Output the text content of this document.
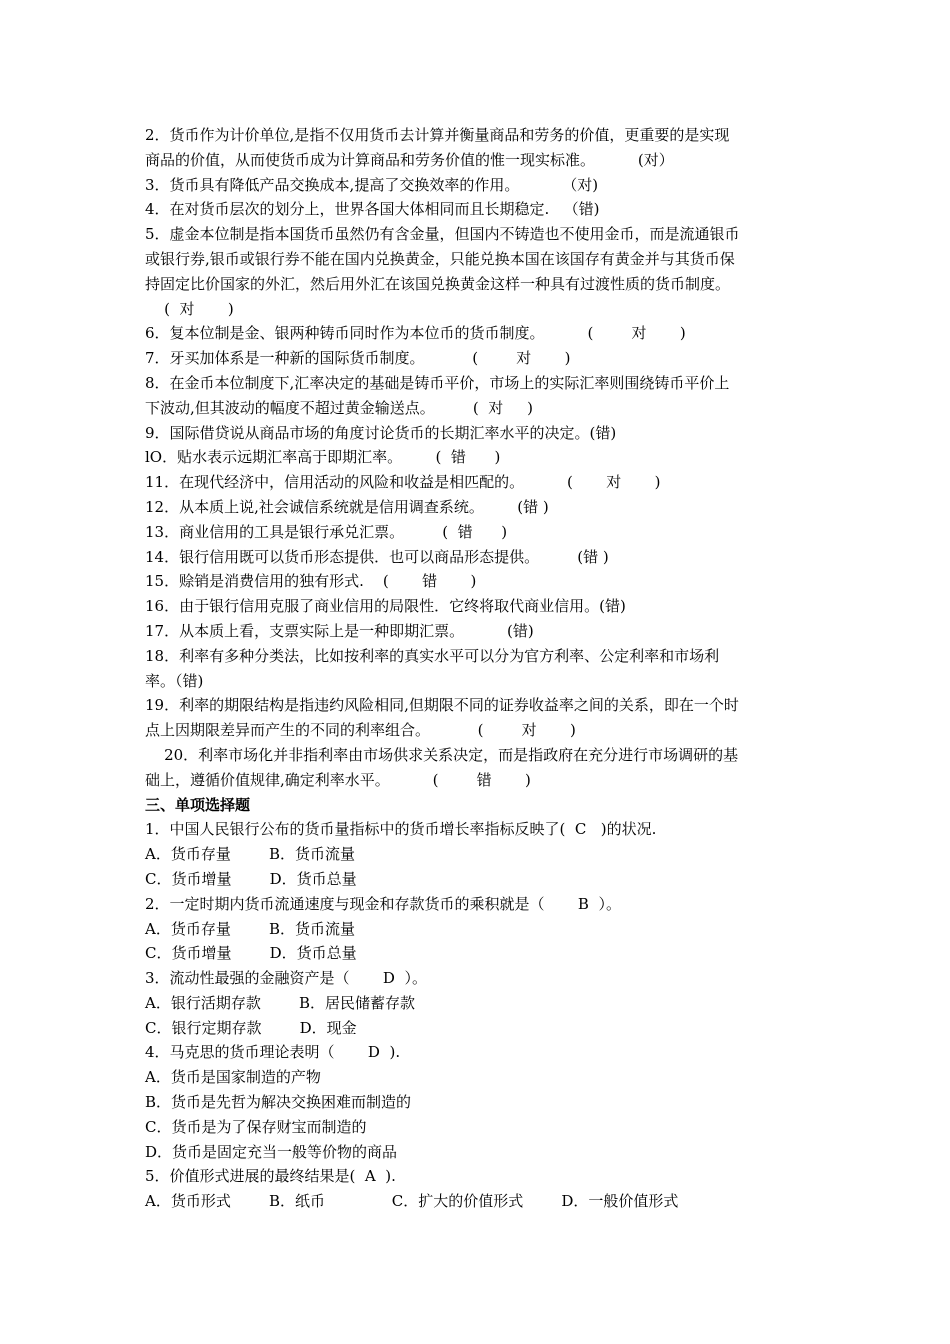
2．货币作为计价单位,是指不仅用货币去计算并衡量商品和劳务的价值，更重要的是实现
商品的价值，从而使货币成为计算商品和劳务价值的惟一现实标准。         (对）
3．货币具有降低产品交换成本,提高了交换效率的作用。         （对)
4．在对货币层次的划分上，世界各国大体相同而且长期稳定.   （错)
5．虚金本位制是指本国货币虽然仍有含金量，但国内不铸造也不使用金币，而是流通银币
或银行券,银币或银行券不能在国内兑换黄金，只能兑换本国在该国存有黄金并与其货币保
持固定比价国家的外汇，然后用外汇在该国兑换黄金这样一种具有过渡性质的货币制度。
(  对       )
6．复本位制是金、银两种铸币同时作为本位币的货币制度。         (        对       )
7．牙买加体系是一种新的国际货币制度。          (        对       )
8．在金币本位制度下,汇率决定的基础是铸币平价，市场上的实际汇率则围绕铸币平价上
下波动,但其波动的幅度不超过黄金输送点。        (  对     )
9．国际借贷说从商品市场的角度讨论货币的长期汇率水平的决定。(错)
lO．贴水表示远期汇率高于即期汇率。       (  错      )
11．在现代经济中，信用活动的风险和收益是相匹配的。         (       对       )
12．从本质上说,社会诚信系统就是信用调查系统。       (错 )
13．商业信用的工具是银行承兑汇票。        (  错      )
14．银行信用既可以货币形态提供．也可以商品形态提供。        (错 )
15．赊销是消费信用的独有形式.    (       错       )
16．由于银行信用克服了商业信用的局限性．它终将取代商业信用。(错)
17．从本质上看，支票实际上是一种即期汇票。         (错)
18．利率有多种分类法，比如按利率的真实水平可以分为官方利率、公定利率和市场利
率。（错)
19．利率的期限结构是指违约风险相同,但期限不同的证券收益率之间的关系，即在一个时
点上因期限差异而产生的不同的利率组合。          (        对       )
20．利率市场化并非指利率由市场供求关系决定，而是指政府在充分进行市场调研的基
础上，遵循价值规律,确定利率水平。         (        错       )
三、单项选择题
1．中国人民银行公布的货币量指标中的货币增长率指标反映了(  C   )的状况.
A．货币存量        B．货币流量
C．货币增量        D．货币总量
2．一定时期内货币流通速度与现金和存款货币的乘积就是（       B  ）。
A．货币存量        B．货币流量
C．货币增量        D．货币总量
3．流动性最强的金融资产是（       D  ）。
A．银行活期存款        B．居民储蓄存款
C．银行定期存款        D．现金
4．马克思的货币理论表明（       D  ).
A．货币是国家制造的产物
B．货币是先哲为解决交换困难而制造的
C．货币是为了保存财宝而制造的
D．货币是固定充当一般等价物的商品
5．价值形式进展的最终结果是(  A  ).
A．货币形式        B．纸币              C．扩大的价值形式        D．一般价值形式
